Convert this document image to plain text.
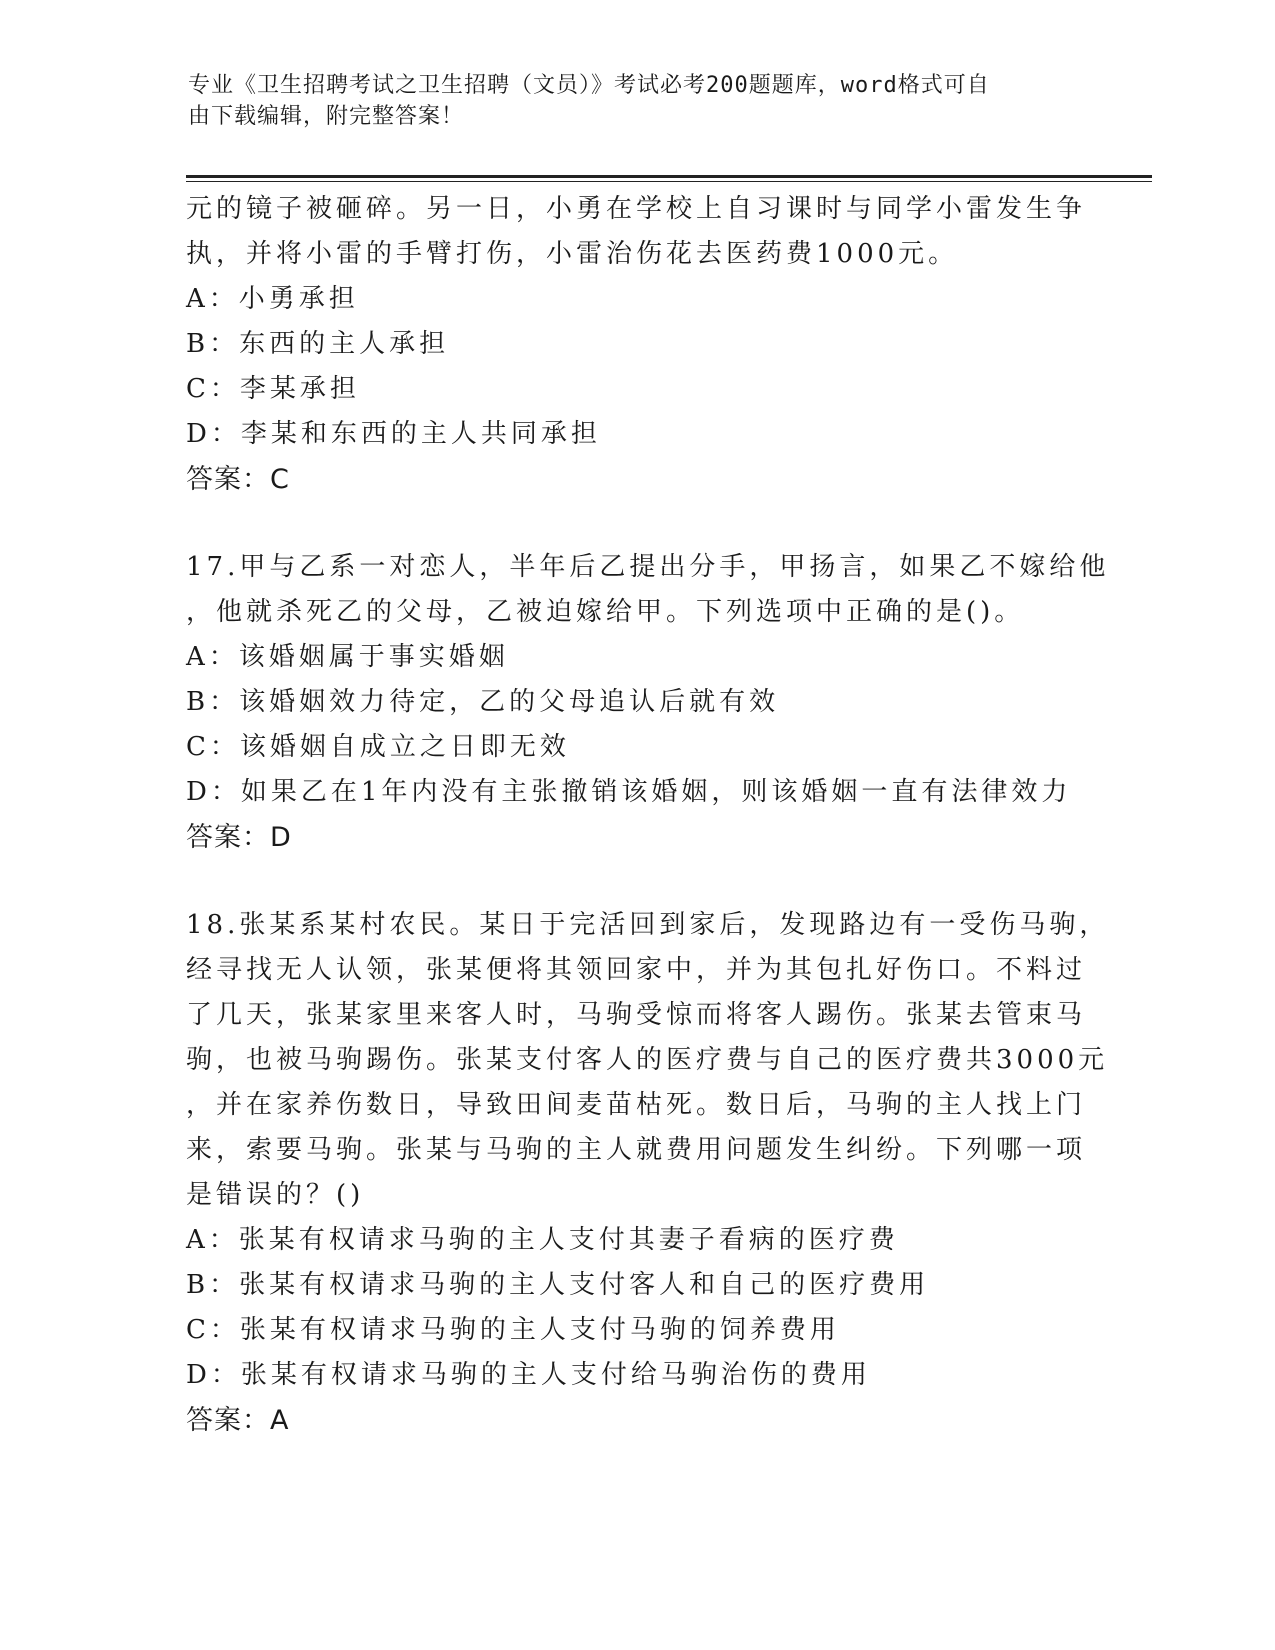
专业《卫生招聘考试之卫生招聘（文员）》考试必考200题题库，word格式可自
由下载编辑，附完整答案！
元的镜子被砸碎。另一日，小勇在学校上自习课时与同学小雷发生争
执，并将小雷的手臂打伤，小雷治伤花去医药费1000元。
A：小勇承担
B：东西的主人承担
C：李某承担
D：李某和东西的主人共同承担
答案：C
17.甲与乙系一对恋人，半年后乙提出分手，甲扬言，如果乙不嫁给他
，他就杀死乙的父母，乙被迫嫁给甲。下列选项中正确的是()。
A：该婚姻属于事实婚姻
B：该婚姻效力待定，乙的父母追认后就有效
C：该婚姻自成立之日即无效
D：如果乙在1年内没有主张撤销该婚姻，则该婚姻一直有法律效力
答案：D
18.张某系某村农民。某日于完活回到家后，发现路边有一受伤马驹，
经寻找无人认领，张某便将其领回家中，并为其包扎好伤口。不料过
了几天，张某家里来客人时，马驹受惊而将客人踢伤。张某去管束马
驹，也被马驹踢伤。张某支付客人的医疗费与自己的医疗费共3000元
，并在家养伤数日，导致田间麦苗枯死。数日后，马驹的主人找上门
来，索要马驹。张某与马驹的主人就费用问题发生纠纷。下列哪一项
是错误的？()
A：张某有权请求马驹的主人支付其妻子看病的医疗费
B：张某有权请求马驹的主人支付客人和自己的医疗费用
C：张某有权请求马驹的主人支付马驹的饲养费用
D：张某有权请求马驹的主人支付给马驹治伤的费用
答案：A
